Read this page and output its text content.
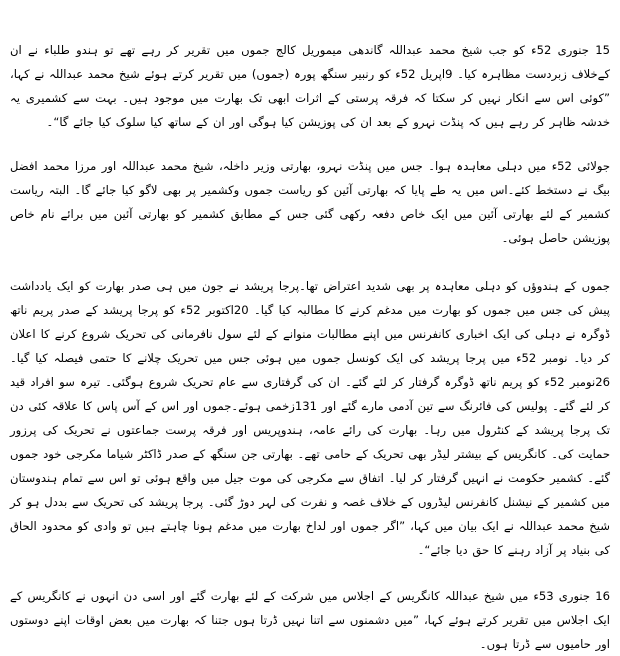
15 جنوری 52ء کو جب شیخ محمد عبداللہ گاندھی میموریل کالج جموں میں تقریر کر رہے تھے تو ہندو طلباء نے ان کےخلاف زبردست مظاہرہ کیا۔ 9اپریل 52ء کو رنبیر سنگھ پورہ (جموں) میں تقریر کرتے ہوئے شیخ محمد عبداللہ نے کہا، ”کوئی اس سے انکار نہیں کر سکتا کہ فرقہ پرستی کے اثرات ابھی تک بھارت میں موجود ہیں۔ بہت سے کشمیری یہ خدشہ ظاہر کر رہے ہیں کہ پنڈت نہرو کے بعد ان کی پوزیشن کیا ہوگی اور ان کے ساتھ کیا سلوک کیا جائے گا“۔

جولائی 52ء میں دہلی معاہدہ ہوا۔ جس میں پنڈت نہرو، بھارتی وزیر داخلہ، شیخ محمد عبداللہ اور مرزا محمد افضل بیگ نے دستخط کئے۔اس میں یہ طے پایا کہ بھارتی آئین کو ریاست جموں وکشمیر پر بھی لاگو کیا جائے گا۔ البتہ ریاست کشمیر کے لئے بھارتی آئین میں ایک خاص دفعہ رکھی گئی جس کے مطابق کشمیر کو بھارتی آئین میں برائے نام خاص پوزیشن حاصل ہوئی۔

جموں کے ہندوؤں کو دہلی معاہدہ پر بھی شدید اعتراض تھا۔پرجا پریشد نے جون میں ہی صدر بھارت کو ایک یادداشت پیش کی جس میں جموں کو بھارت میں مدغم کرنے کا مطالبہ کیا گیا۔ 20اکتوبر 52ء کو پرجا پریشد کے صدر پریم ناتھ ڈوگرہ نے دہلی کی ایک اخباری کانفرنس میں اپنے مطالبات منوانے کے لئے سول نافرمانی کی تحریک شروع کرنے کا اعلان کر دیا۔ نومبر 52ء میں پرجا پریشد کی ایک کونسل جموں میں ہوئی جس میں تحریک چلانے کا حتمی فیصلہ کیا گیا۔ 26نومبر 52ء کو پریم ناتھ ڈوگرہ گرفتار کر لئے گئے۔ ان کی گرفتاری سے عام تحریک شروع ہوگئی۔ تیرہ سو افراد قید کر لئے گئے۔ پولیس کی فائرنگ سے تین آدمی مارے گئے اور 131زخمی ہوئے۔جموں اور اس کے آس پاس کا علاقہ کئی دن تک پرجا پریشد کے کنٹرول میں رہا۔ بھارت کی رائے عامہ، ہندوپریس اور فرقہ پرست جماعتوں نے تحریک کی پرزور حمایت کی۔ کانگریس کے بیشتر لیڈر بھی تحریک کے حامی تھے۔ بھارتی جن سنگھ کے صدر ڈاکٹر شیاما مکرجی خود جموں گئے۔ کشمیر حکومت نے انہیں گرفتار کر لیا۔ اتفاق سے مکرجی کی موت جیل میں واقع ہوئی تو اس سے تمام ہندوستان میں کشمیر کے نیشنل کانفرنس لیڈروں کے خلاف غصہ و نفرت کی لہر دوڑ گئی۔ پرجا پریشد کی تحریک سے بددل ہو کر شیخ محمد عبداللہ نے ایک بیان میں کہا، ”اگر جموں اور لداخ بھارت میں مدغم ہونا چاہتے ہیں تو وادی کو محدود الحاق کی بنیاد پر آزاد رہنے کا حق دیا جائے“۔

16 جنوری 53ء میں شیخ عبداللہ کانگریس کے اجلاس میں شرکت کے لئے بھارت گئے اور اسی دن انہوں نے کانگریس کے ایک اجلاس میں تقریر کرتے ہوئے کہا، ”میں دشمنوں سے اتنا نہیں ڈرتا ہوں جتنا کہ بھارت میں بعض اوقات اپنے دوستوں اور حامیوں سے ڈرتا ہوں۔
